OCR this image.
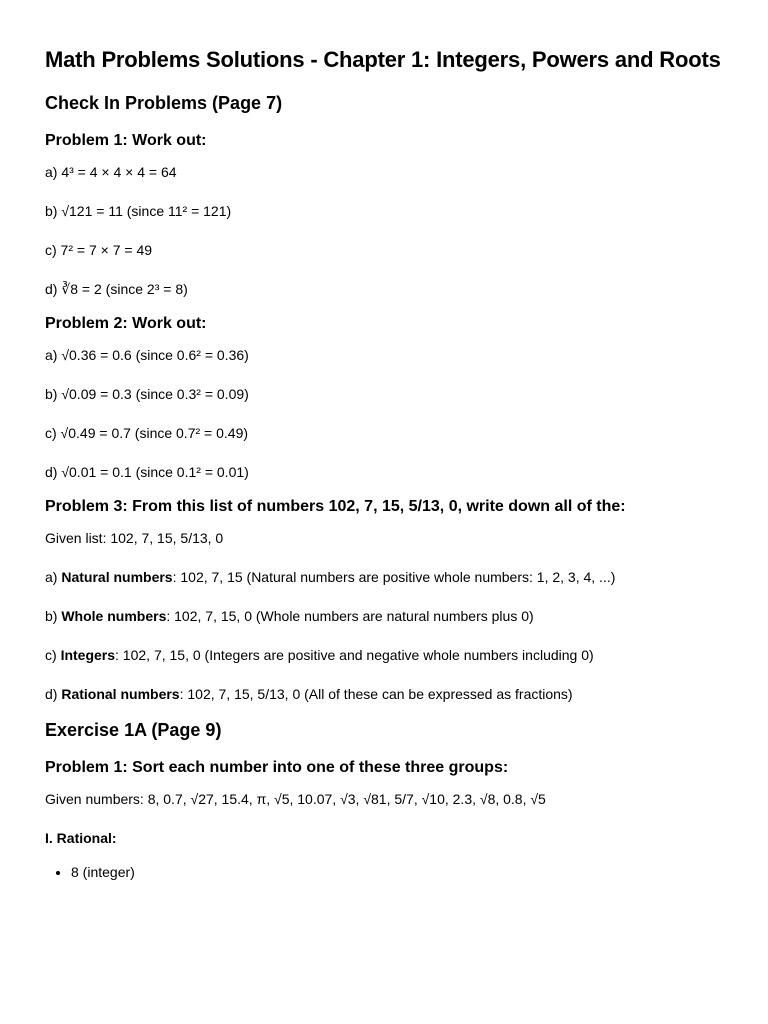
Math Problems Solutions - Chapter 1: Integers, Powers and Roots
Check In Problems (Page 7)
Problem 1: Work out:

a) 4³ = 4 × 4 × 4 = 64

b) √121 = 11 (since 11² = 121)

c) 7² = 7 × 7 = 49

d) ∛8 = 2 (since 2³ = 8)

Problem 2: Work out:

a) √0.36 = 0.6 (since 0.6² = 0.36)

b) √0.09 = 0.3 (since 0.3² = 0.09)

c) √0.49 = 0.7 (since 0.7² = 0.49)

d) √0.01 = 0.1 (since 0.1² = 0.01)

Problem 3: From this list of numbers 102, 7, 15, 5/13, 0, write down all of the:

Given list: 102, 7, 15, 5/13, 0

a) Natural numbers: 102, 7, 15 (Natural numbers are positive whole numbers: 1, 2, 3, 4, ...)

b) Whole numbers: 102, 7, 15, 0 (Whole numbers are natural numbers plus 0)

c) Integers: 102, 7, 15, 0 (Integers are positive and negative whole numbers including 0)

d) Rational numbers: 102, 7, 15, 5/13, 0 (All of these can be expressed as fractions)

Exercise 1A (Page 9)
Problem 1: Sort each number into one of these three groups:

Given numbers: 8, 0.7, √27, 15.4, π, √5, 10.07, √3, √81, 5/7, √10, 2.3, √8, 0.8, √5

I. Rational:
• 8 (integer)
